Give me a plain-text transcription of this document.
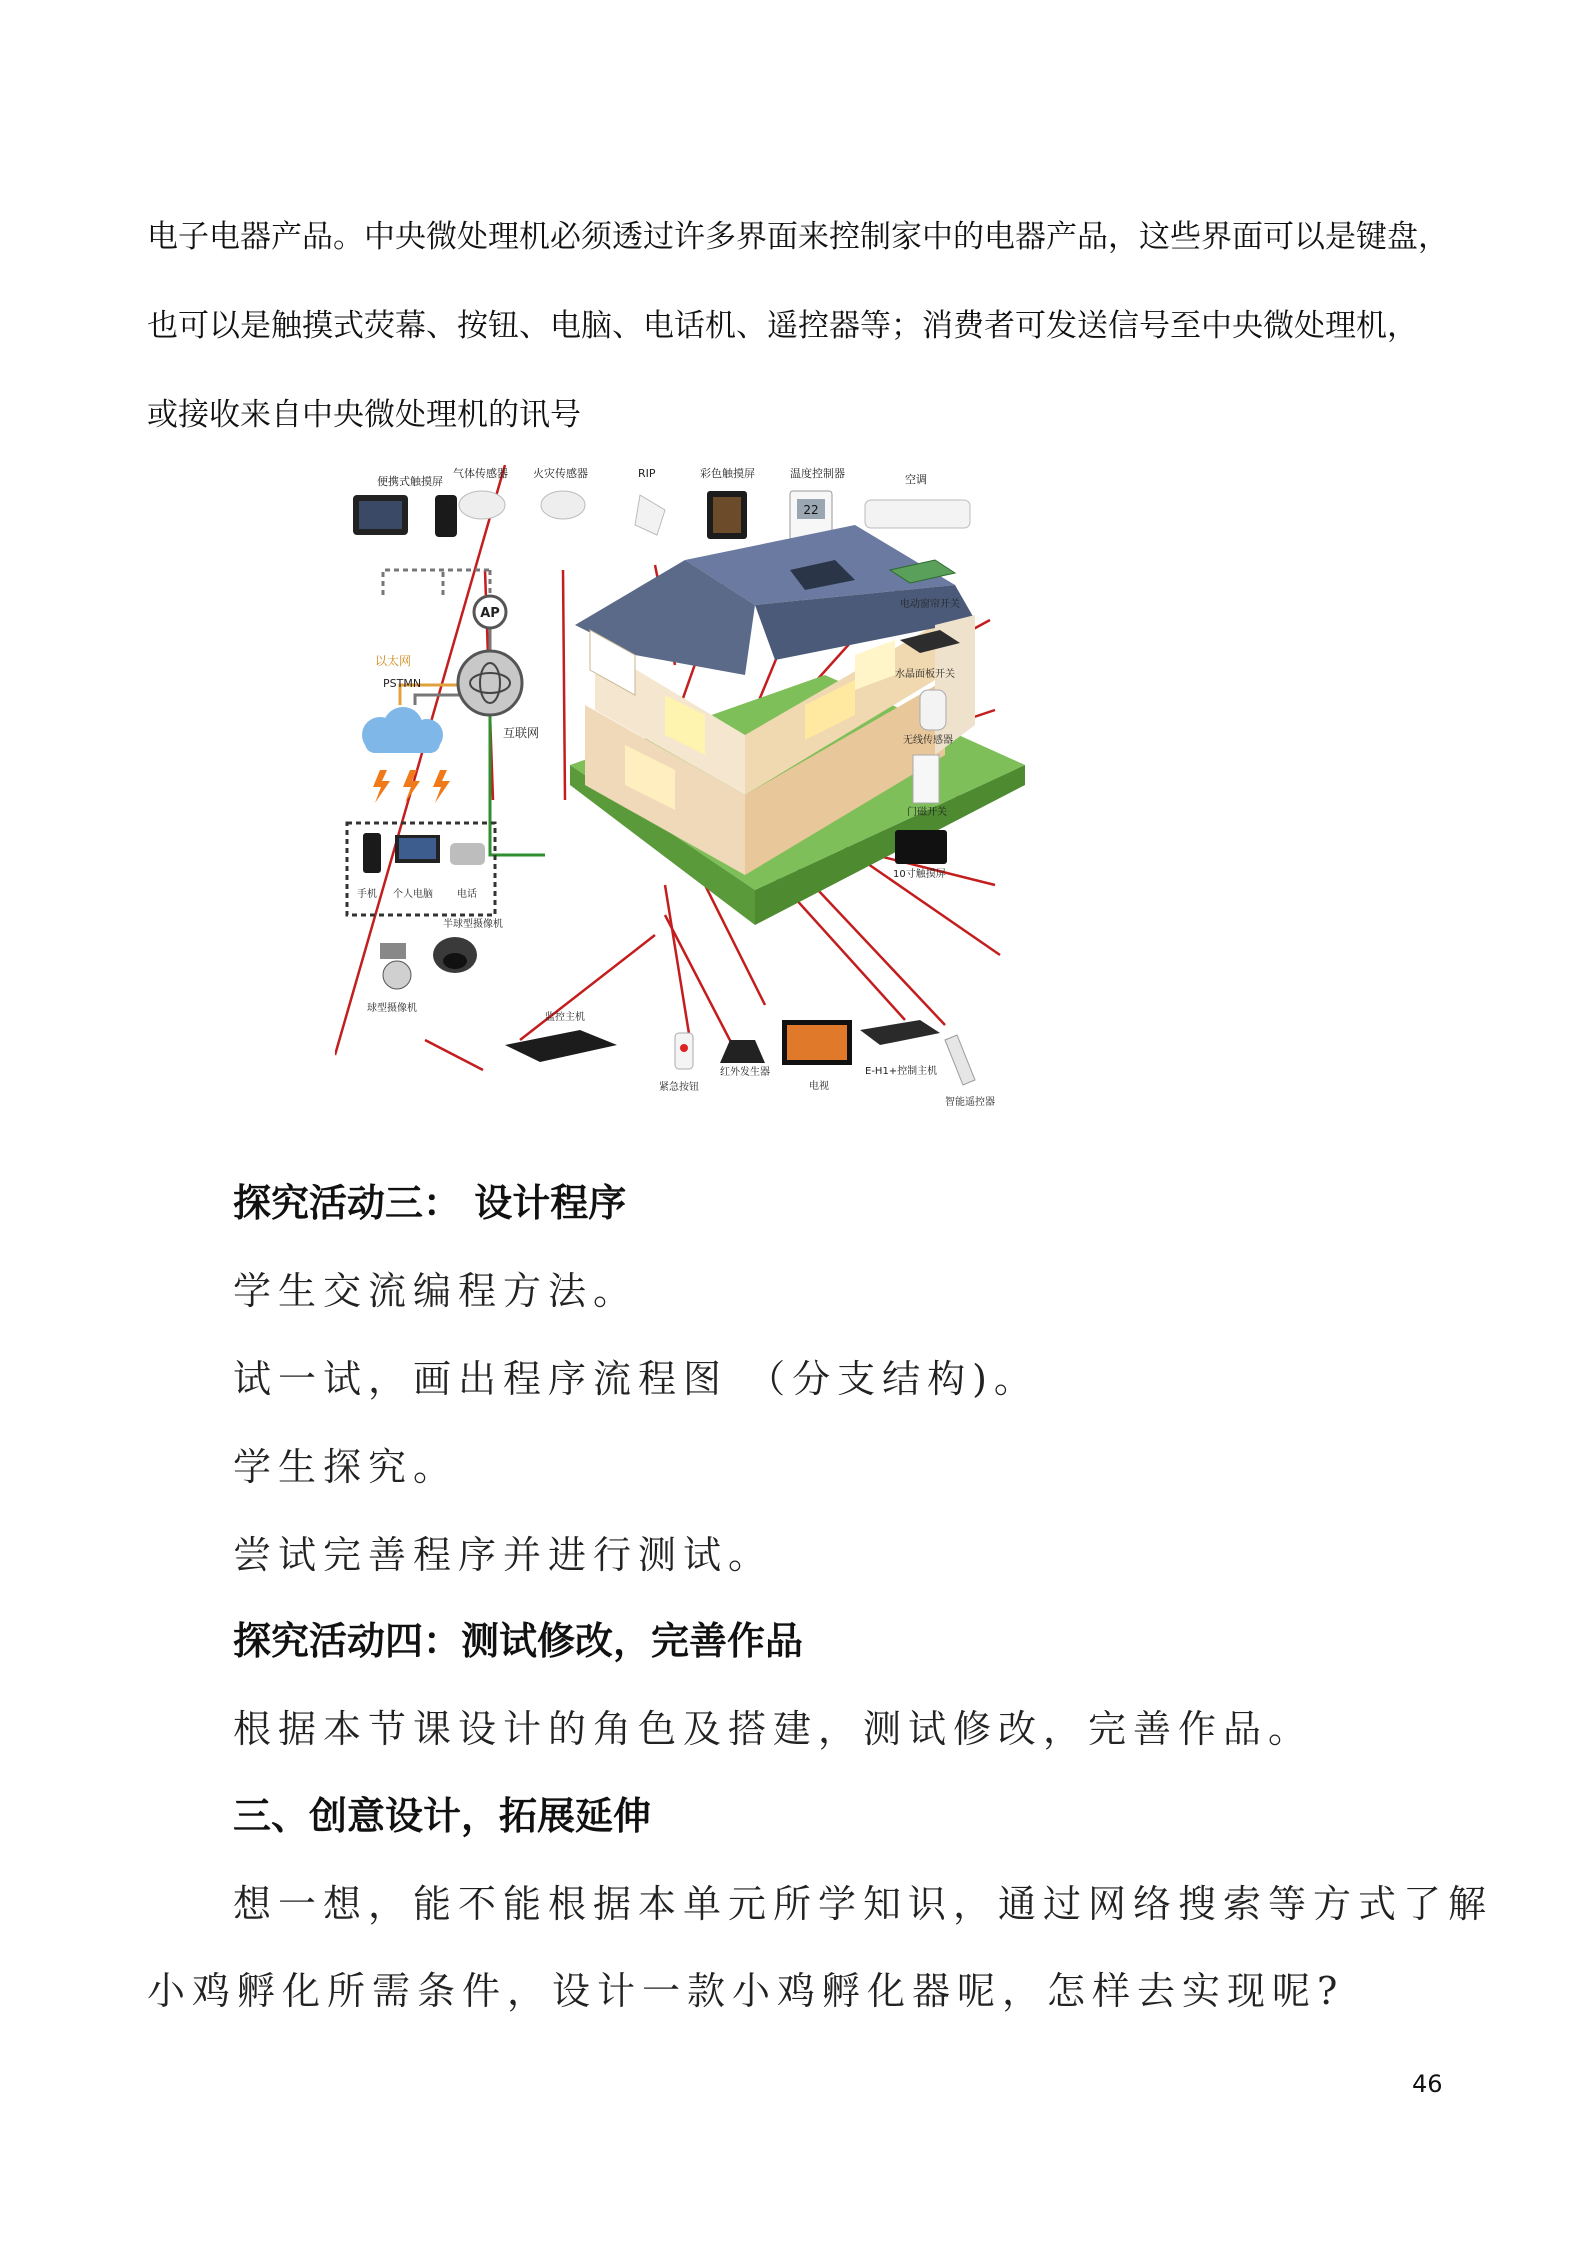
电子电器产品。中央微处理机必须透过许多界面来控制家中的电器产品，这些界面可以是键盘，
也可以是触摸式荧幕、按钮、电脑、电话机、遥控器等；消费者可发送信号至中央微处理机，
或接收来自中央微处理机的讯号
AP
互联网
以太网
PSTMN
便携式触摸屏
气体传感器 火灾传感器	RIP	彩色触摸屏
22
温度控制器	空调
电动窗帘开关
水晶面板开关
无线传感器
门磁开关
10寸触摸屏
手机 个人电脑 电话
半球型摄像机
球型摄像机
监控主机
紧急按钮
红外发生器
电视
E-H1+控制主机
智能遥控器
探究活动三： 设计程序
学生交流编程方法。
试一试，画出程序流程图 （分支结构)。
学生探究。
尝试完善程序并进行测试。
探究活动四：测试修改，完善作品
根据本节课设计的角色及搭建，测试修改，完善作品。
三、创意设计，拓展延伸
想一想，能不能根据本单元所学知识，通过网络搜索等方式了解
小鸡孵化所需条件，设计一款小鸡孵化器呢，怎样去实现呢?
46
